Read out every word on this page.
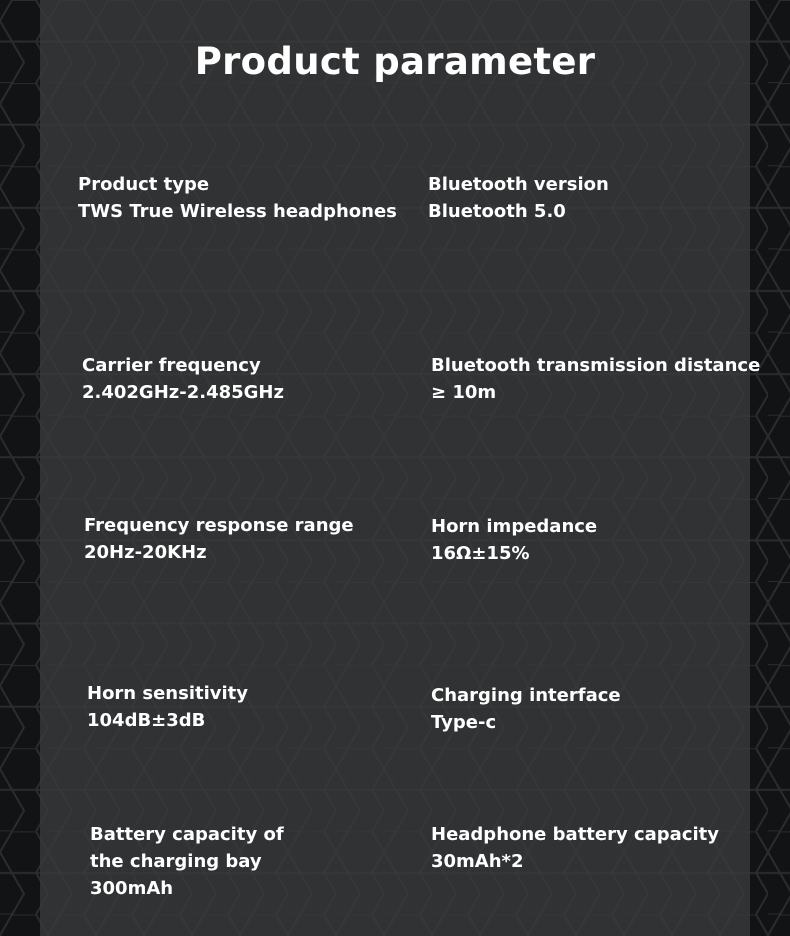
Product parameter
Product type
TWS True Wireless headphones
Bluetooth version
Bluetooth 5.0
Carrier frequency
2.402GHz-2.485GHz
Bluetooth transmission distance
≥ 10m
Frequency response range
20Hz-20KHz
Horn impedance
16Ω±15%
Horn sensitivity
104dB±3dB
Charging interface
Type-c
Battery capacity of
the charging bay
300mAh
Headphone battery capacity
30mAh*2
